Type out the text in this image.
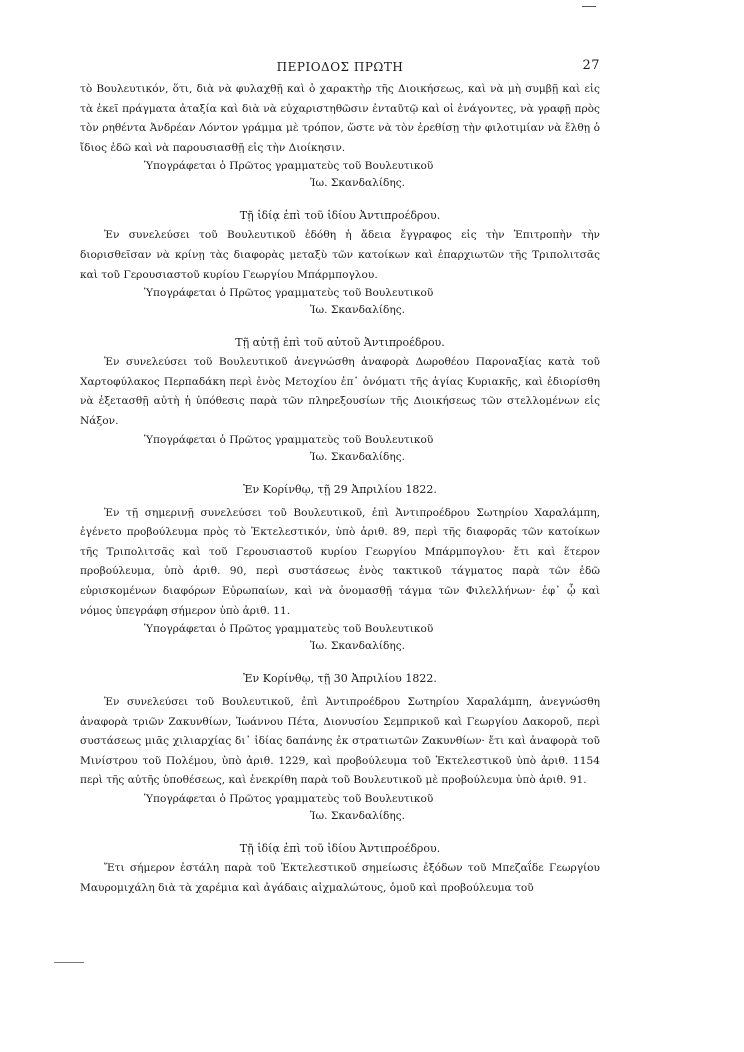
ΠΕΡΙΟΔΟΣ ΠΡΩΤΗ	27

τὸ Βουλευτικόν, ὅτι, διὰ νὰ φυλαχθῇ καὶ ὁ χαρακτὴρ τῆς Διοικήσεως, καὶ νὰ μὴ συμβῇ καὶ εἰς τὰ ἐκεῖ πράγματα ἀταξία καὶ διὰ νὰ εὐχαριστηθῶσιν ἐνταῦτῷ καὶ οἱ ἐνάγοντες, νὰ γραφῇ πρὸς τὸν ρηθέντα Ἀνδρέαν Λόντον γράμμα μὲ τρόπον, ὥστε νὰ τὸν ἐρεθίσῃ τὴν φιλοτιμίαν νὰ ἔλθῃ ὁ ἴδιος ἐδῶ καὶ νὰ παρουσιασθῇ εἰς τὴν Διοίκησιν.

Ὑπογράφεται ὁ Πρῶτος γραμματεὺς τοῦ Βουλευτικοῦ
Ἰω. Σκανδαλίδης.
Τῇ ἰδίᾳ ἐπὶ τοῦ ἰδίου Ἀντιπροέδρου.

Ἐν συνελεύσει τοῦ Βουλευτικοῦ ἐδόθη ἡ ἄδεια ἔγγραφος εἰς τὴν Ἐπιτροπὴν τὴν διορισθεῖσαν νὰ κρίνῃ τὰς διαφορὰς μεταξὺ τῶν κατοίκων καὶ ἐπαρχιωτῶν τῆς Τριπολιτσᾶς καὶ τοῦ Γερουσιαστοῦ κυρίου Γεωργίου Μπάρμπογλου.

Ὑπογράφεται ὁ Πρῶτος γραμματεὺς τοῦ Βουλευτικοῦ
Ἰω. Σκανδαλίδης.
Τῇ αὐτῇ ἐπὶ τοῦ αὐτοῦ Ἀντιπροέδρου.

Ἐν συνελεύσει τοῦ Βουλευτικοῦ ἀνεγνώσθη ἀναφορὰ Δωροθέου Παροναξίας κατὰ τοῦ Χαρτοφύλακος Περπαδάκη περὶ ἑνὸς Μετοχίου ἐπ᾽ ὀνόματι τῆς ἁγίας Κυριακῆς, καὶ ἐδιορίσθη νὰ ἐξετασθῇ αὐτὴ ἡ ὑπόθεσις παρὰ τῶν πληρεξουσίων τῆς Διοικήσεως τῶν στελλομένων εἰς Νάξον.

Ὑπογράφεται ὁ Πρῶτος γραμματεὺς τοῦ Βουλευτικοῦ
Ἰω. Σκανδαλίδης.
Ἐν Κορίνθῳ, τῇ 29 Ἀπριλίου 1822.

Ἐν τῇ σημερινῇ συνελεύσει τοῦ Βουλευτικοῦ, ἐπὶ Ἀντιπροέδρου Σωτηρίου Χαραλάμπη, ἐγένετο προβούλευμα πρὸς τὸ Ἐκτελεστικόν, ὑπὸ ἀριθ. 89, περὶ τῆς διαφορᾶς τῶν κατοίκων τῆς Τριπολιτσᾶς καὶ τοῦ Γερουσιαστοῦ κυρίου Γεωργίου Μπάρμπογλου· ἔτι καὶ ἕτερον προβούλευμα, ὑπὸ ἀριθ. 90, περὶ συστάσεως ἑνὸς τακτικοῦ τάγματος παρὰ τῶν ἐδῶ εὑρισκομένων διαφόρων Εὐρωπαίων, καὶ νὰ ὀνομασθῇ τάγμα τῶν Φιλελλήνων· ἐφ᾽ ᾧ καὶ νόμος ὑπεγράφη σήμερον ὑπὸ ἀριθ. 11.

Ὑπογράφεται ὁ Πρῶτος γραμματεὺς τοῦ Βουλευτικοῦ
Ἰω. Σκανδαλίδης.
Ἐν Κορίνθῳ, τῇ 30 Ἀπριλίου 1822.

Ἐν συνελεύσει τοῦ Βουλευτικοῦ, ἐπὶ Ἀντιπροέδρου Σωτηρίου Χαραλάμπη, ἀνεγνώσθη ἀναφορὰ τριῶν Ζακυνθίων, Ἰωάννου Πέτα, Διονυσίου Σεμπρικοῦ καὶ Γεωργίου Δακοροῦ, περὶ συστάσεως μιᾶς χιλιαρχίας δι᾽ ἰδίας δαπάνης ἐκ στρατιωτῶν Ζακυνθίων· ἔτι καὶ ἀναφορὰ τοῦ Μινίστρου τοῦ Πολέμου, ὑπὸ ἀριθ. 1229, καὶ προβούλευμα τοῦ Ἐκτελεστικοῦ ὑπὸ ἀριθ. 1154 περὶ τῆς αὐτῆς ὑποθέσεως, καὶ ἐνεκρίθη παρὰ τοῦ Βουλευτικοῦ μὲ προβούλευμα ὑπὸ ἀριθ. 91.

Ὑπογράφεται ὁ Πρῶτος γραμματεὺς τοῦ Βουλευτικοῦ
Ἰω. Σκανδαλίδης.
Τῇ ἰδίᾳ ἐπὶ τοῦ ἰδίου Ἀντιπροέδρου.

Ἔτι σήμερον ἐστάλη παρὰ τοῦ Ἐκτελεστικοῦ σημείωσις ἐξόδων τοῦ Μπεζαΐδε Γεωργίου Μαυρομιχάλη διὰ τὰ χαρέμια καὶ ἀγάδαις αἰχμαλώτους, ὁμοῦ καὶ προβούλευμα τοῦ
